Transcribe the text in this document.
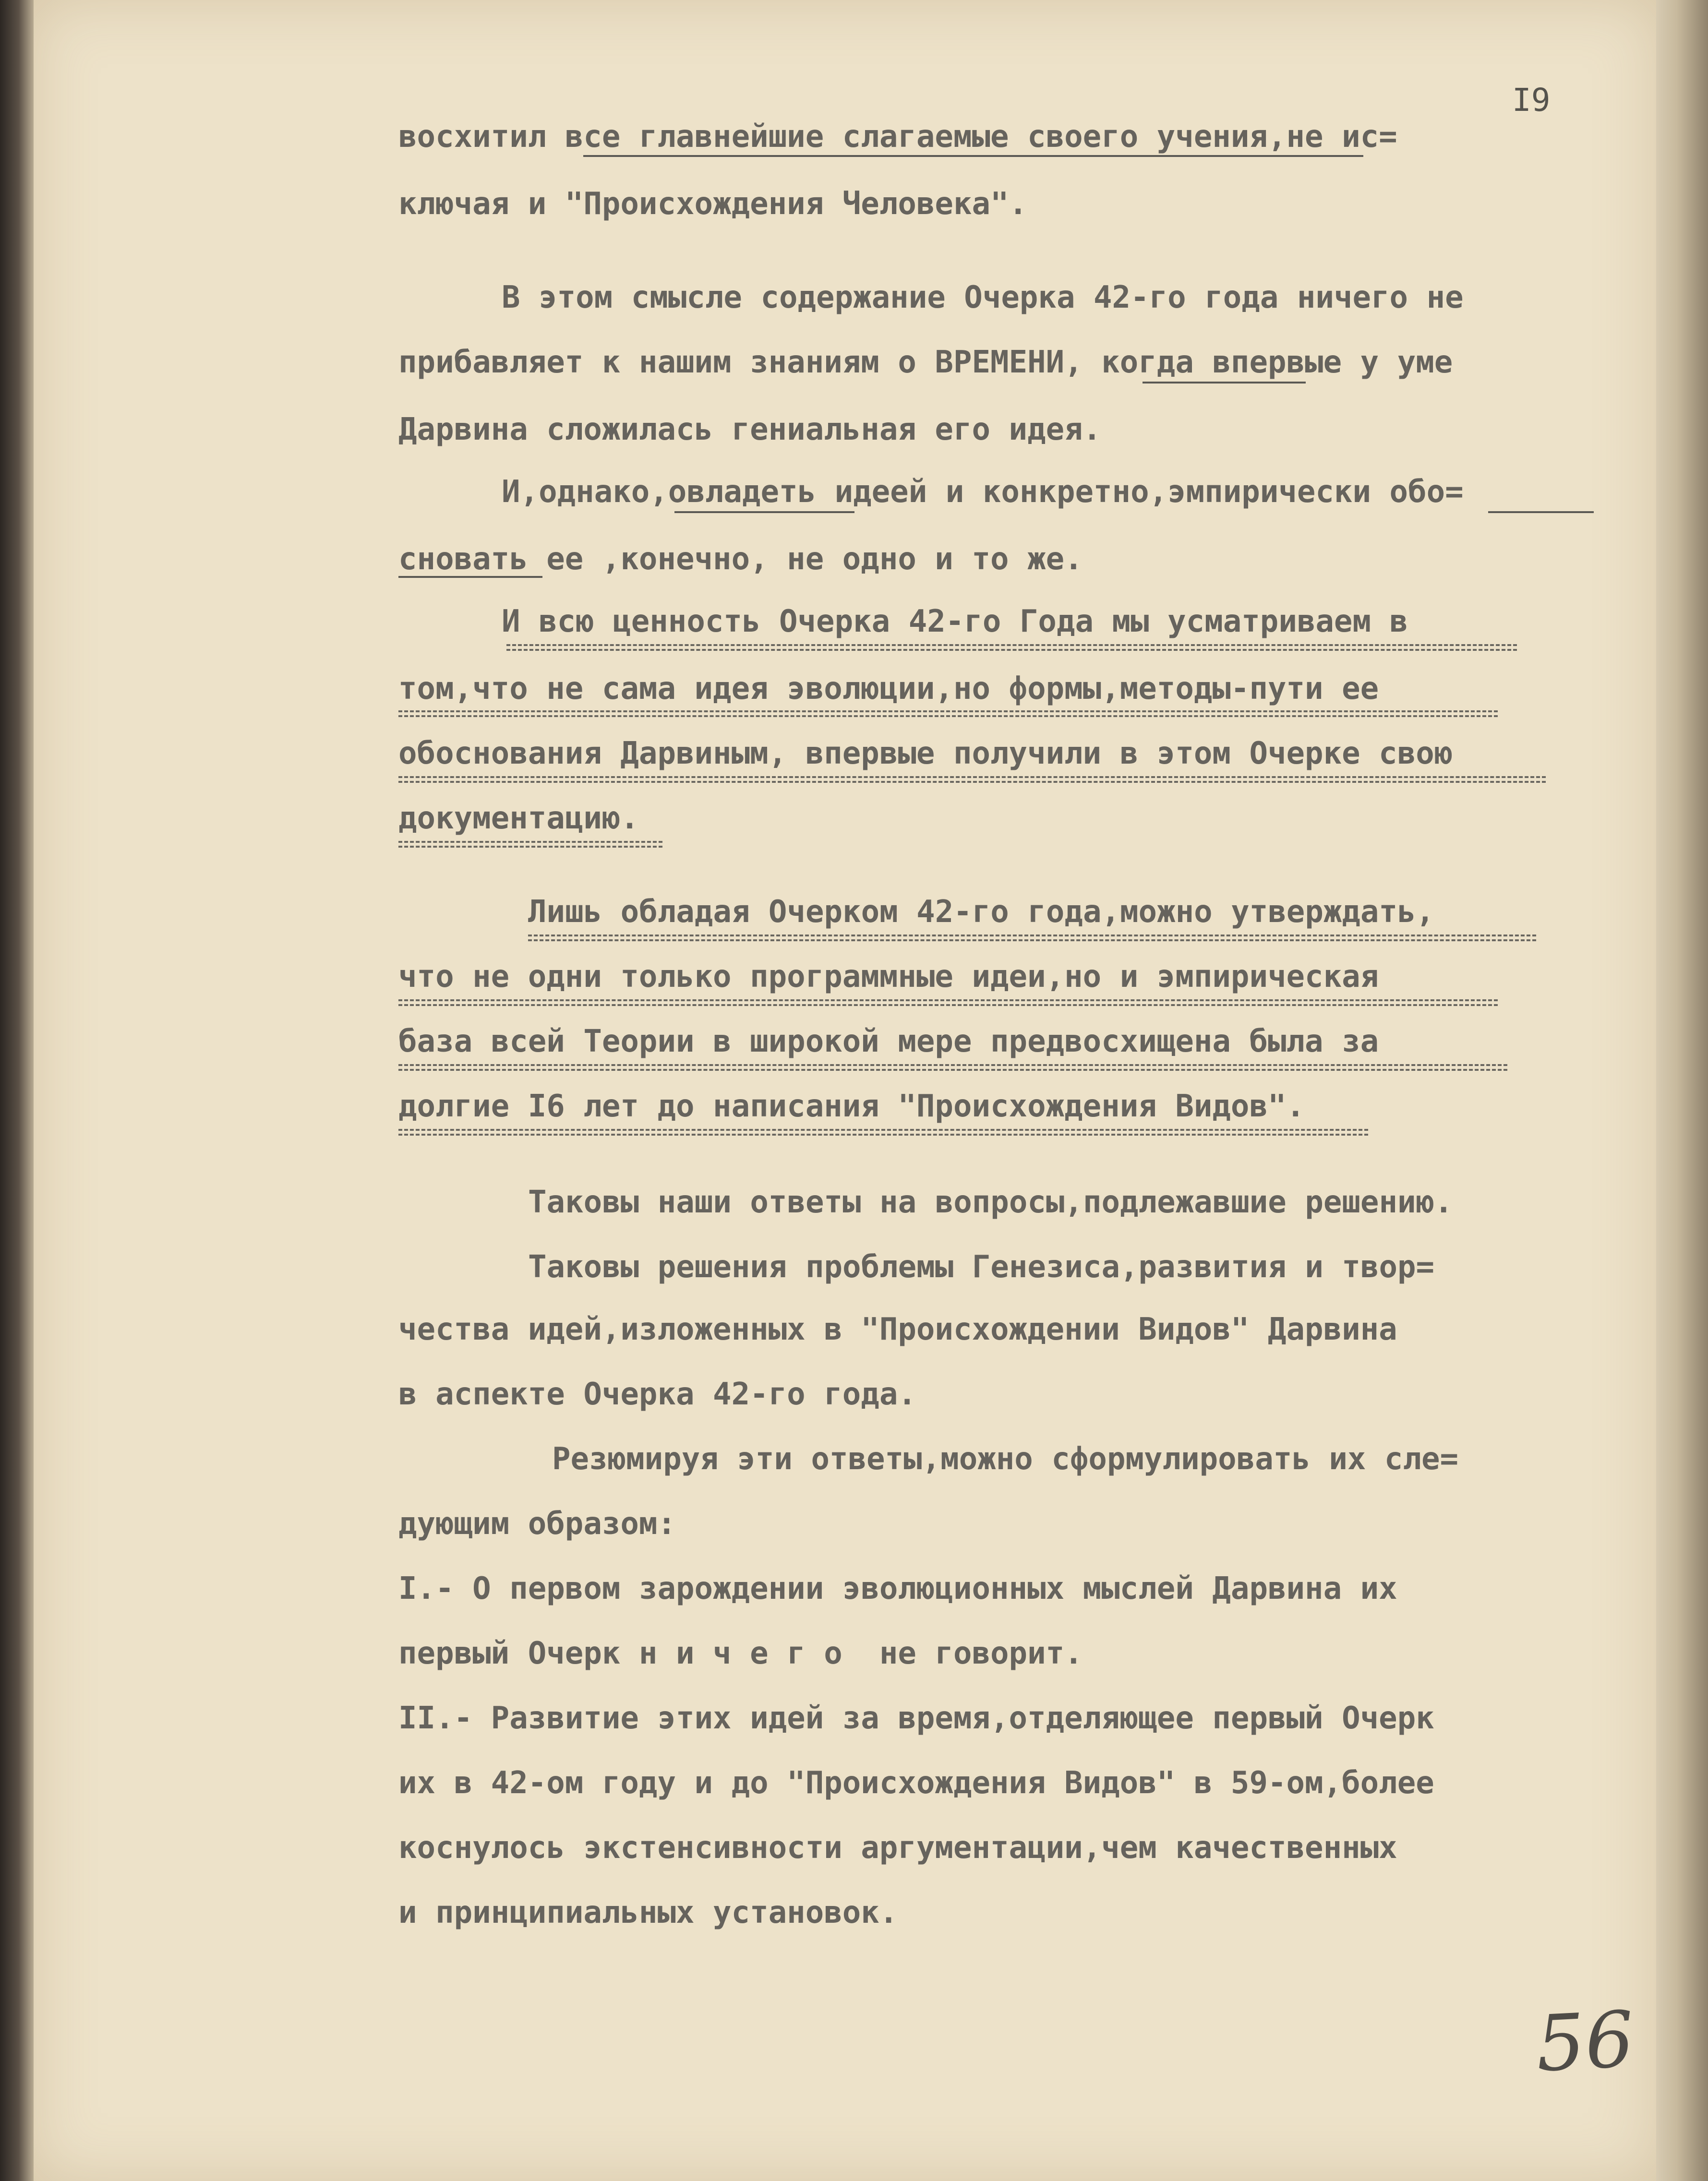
I9
восхитил все главнейшие слагаемые своего учения,не ис=
ключая и "Происхождения Человека".
В этом смысле содержание Очерка 42-го года ничего не
прибавляет к нашим знаниям о ВРЕМЕНИ, когда впервые у уме
Дарвина сложилась гениальная его идея.
И,однако,овладеть идеей и конкретно,эмпирически обо=
сновать ее ,конечно, не одно и то же.
И всю ценность Очерка 42-го Года мы усматриваем в
том,что не сама идея эволюции,но формы,методы-пути ее
обоснования Дарвиным, впервые получили в этом Очерке свою
документацию.
Лишь обладая Очерком 42-го года,можно утверждать,
что не одни только программные идеи,но и эмпирическая
база всей Теории в широкой мере предвосхищена была за
долгие I6 лет до написания "Происхождения Видов".
Таковы наши ответы на вопросы,подлежавшие решению.
Таковы решения проблемы Генезиса,развития и твор=
чества идей,изложенных в "Происхождении Видов" Дарвина
в аспекте Очерка 42-го года.
Резюмируя эти ответы,можно сформулировать их сле=
дующим образом:
I.- О первом зарождении эволюционных мыслей Дарвина их
первый Очерк н и ч е г о  не говорит.
II.- Развитие этих идей за время,отделяющее первый Очерк
их в 42-ом году и до "Происхождения Видов" в 59-ом,более
коснулось экстенсивности аргументации,чем качественных
и принципиальных установок.
56
